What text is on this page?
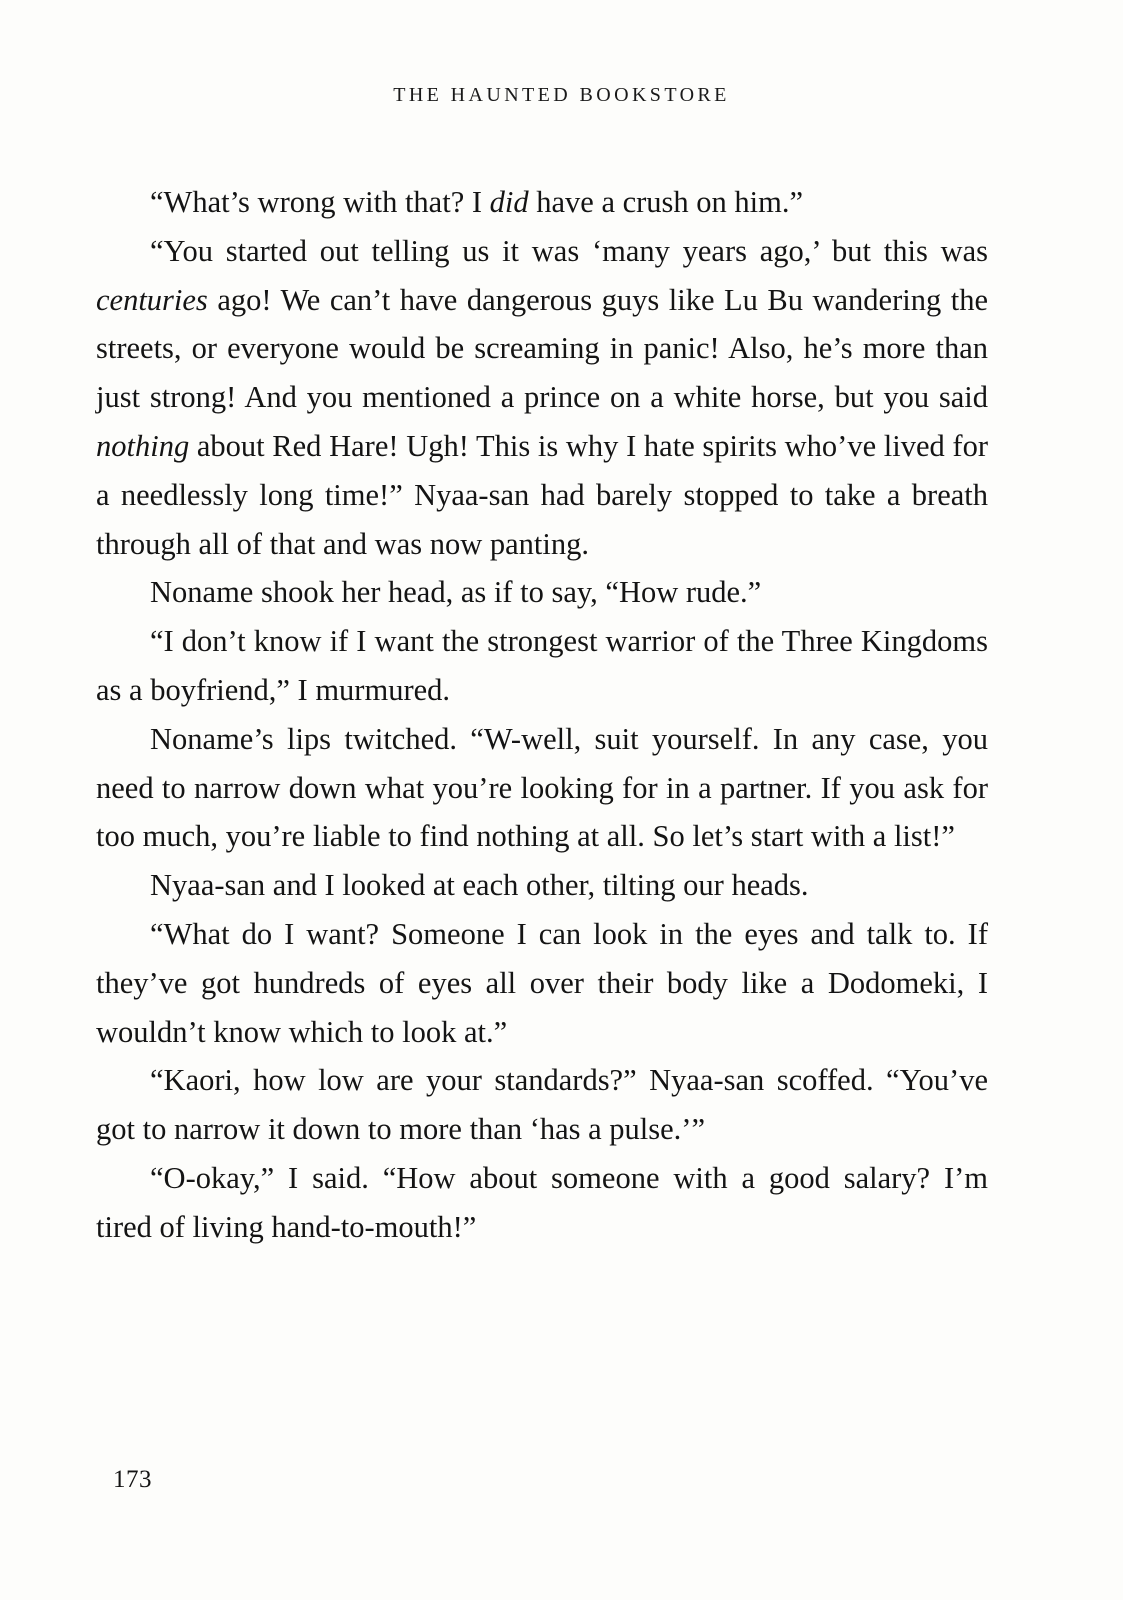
THE HAUNTED BOOKSTORE

“What’s wrong with that? I did have a crush on him.”

“You started out telling us it was ‘many years ago,’ but this was centuries ago! We can’t have dangerous guys like Lu Bu wandering the streets, or everyone would be screaming in panic! Also, he’s more than just strong! And you mentioned a prince on a white horse, but you said nothing about Red Hare! Ugh! This is why I hate spirits who’ve lived for a needlessly long time!” Nyaa-san had barely stopped to take a breath through all of that and was now panting.

Noname shook her head, as if to say, “How rude.”

“I don’t know if I want the strongest warrior of the Three Kingdoms as a boyfriend,” I murmured.

Noname’s lips twitched. “W-well, suit yourself. In any case, you need to narrow down what you’re looking for in a partner. If you ask for too much, you’re liable to find nothing at all. So let’s start with a list!”

Nyaa-san and I looked at each other, tilting our heads.

“What do I want? Someone I can look in the eyes and talk to. If they’ve got hundreds of eyes all over their body like a Dodomeki, I wouldn’t know which to look at.”

“Kaori, how low are your standards?” Nyaa-san scoffed. “You’ve got to narrow it down to more than ‘has a pulse.’”

“O-okay,” I said. “How about someone with a good salary? I’m tired of living hand-to-mouth!”

173
